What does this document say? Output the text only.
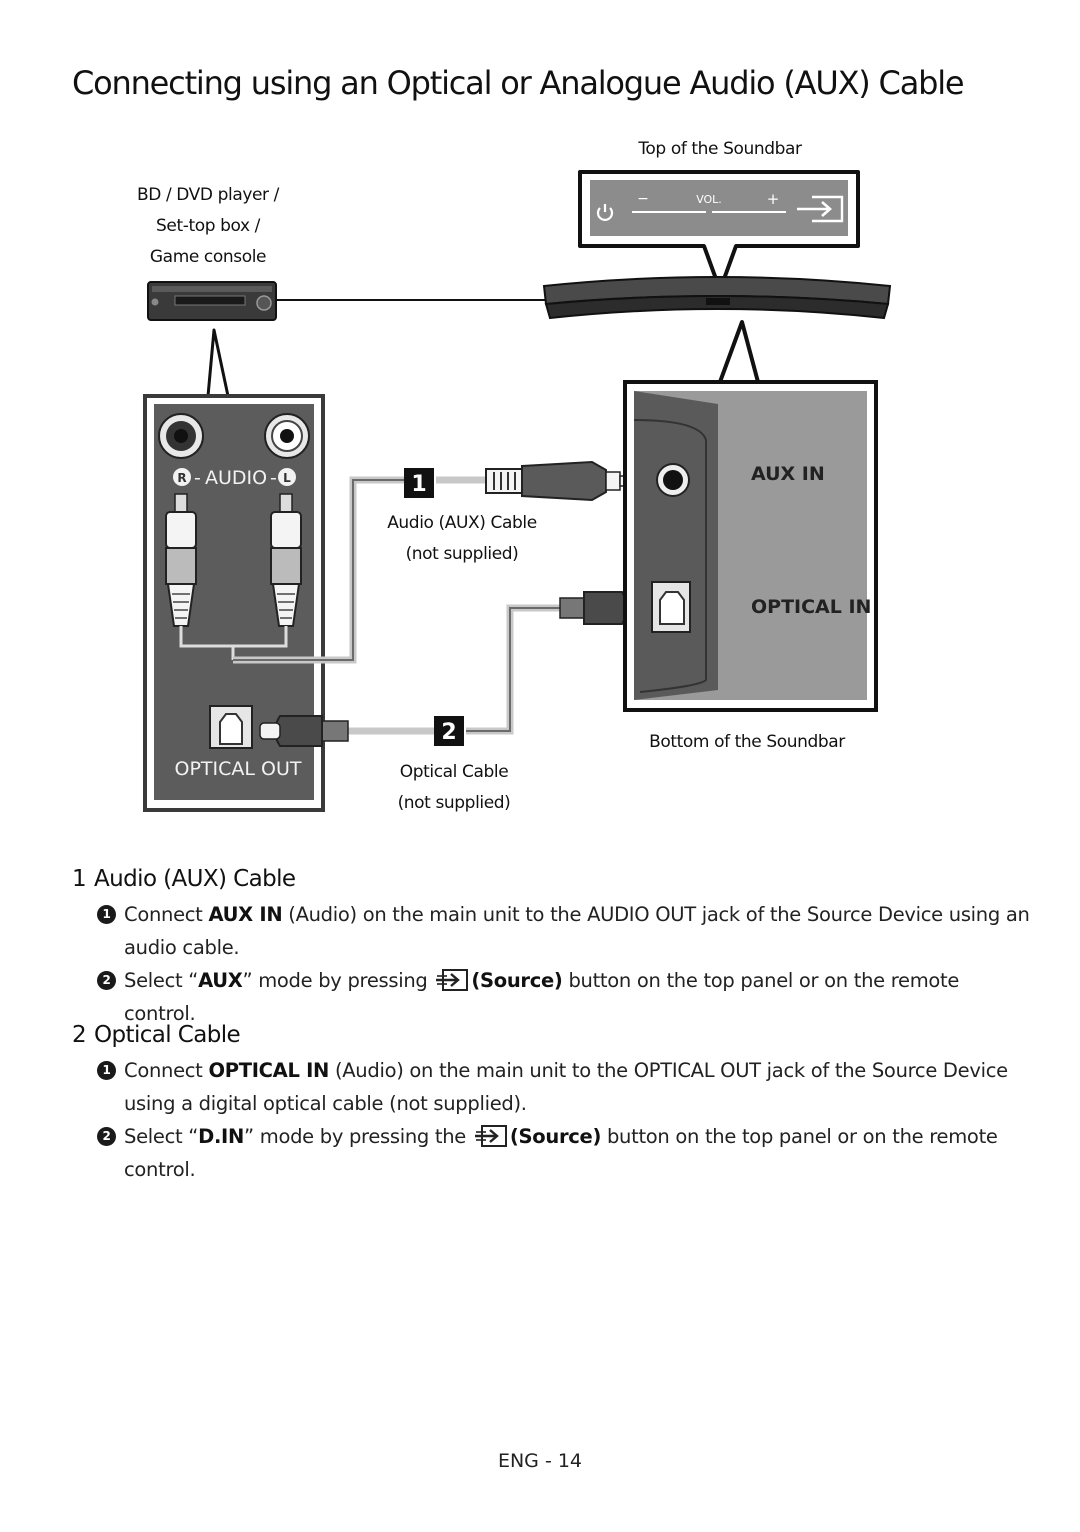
Connecting using an Optical or Analogue Audio (AUX) Cable
Top of the Soundbar
BD / DVD player /
Set-top box /
Game console
−	VOL.	+
R - AUDIO - L
OPTICAL OUT
1
Audio (AUX) Cable
(not supplied)
2
Optical Cable
(not supplied)
AUX IN
OPTICAL IN
Bottom of the Soundbar
1 Audio (AUX) Cable
1 Connect AUX IN (Audio) on the main unit to the AUDIO OUT jack of the Source Device using an audio cable.
2 Select “AUX” mode by pressing (Source) button on the top panel or on the remote control.
2 Optical Cable
1 Connect OPTICAL IN (Audio) on the main unit to the OPTICAL OUT jack of the Source Device using a digital optical cable (not supplied).
2 Select “D.IN” mode by pressing the (Source) button on the top panel or on the remote control.
ENG - 14
